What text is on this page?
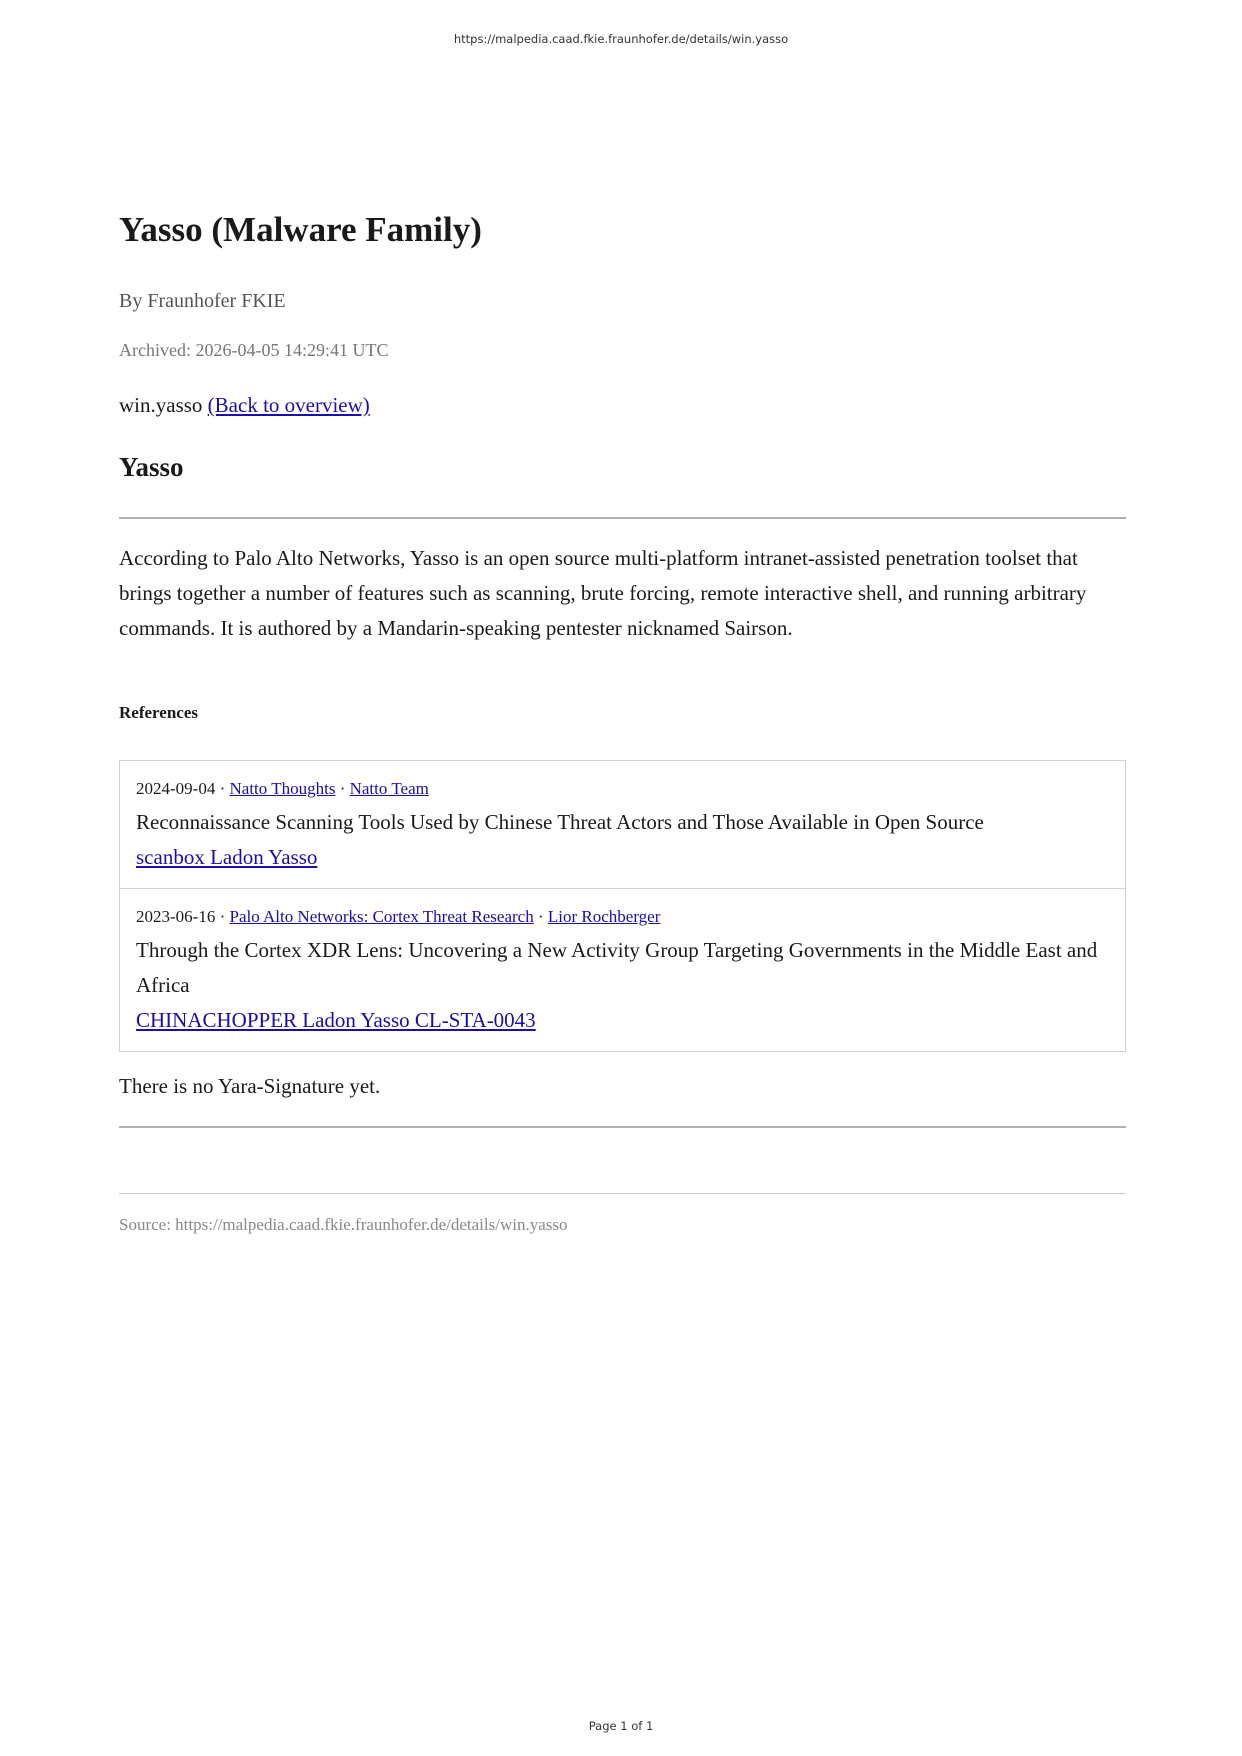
https://malpedia.caad.fkie.fraunhofer.de/details/win.yasso
Yasso (Malware Family)
By Fraunhofer FKIE
Archived: 2026-04-05 14:29:41 UTC
win.yasso (Back to overview)
Yasso

According to Palo Alto Networks, Yasso is an open source multi-platform intranet-assisted penetration toolset that brings together a number of features such as scanning, brute forcing, remote interactive shell, and running arbitrary commands. It is authored by a Mandarin-speaking pentester nicknamed Sairson.

References
2024-09-04 · Natto Thoughts · Natto Team
Reconnaissance Scanning Tools Used by Chinese Threat Actors and Those Available in Open Source
scanbox Ladon Yasso
2023-06-16 · Palo Alto Networks: Cortex Threat Research · Lior Rochberger
Through the Cortex XDR Lens: Uncovering a New Activity Group Targeting Governments in the Middle East and Africa
CHINACHOPPER Ladon Yasso CL-STA-0043
There is no Yara-Signature yet.
Source: https://malpedia.caad.fkie.fraunhofer.de/details/win.yasso
Page 1 of 1
